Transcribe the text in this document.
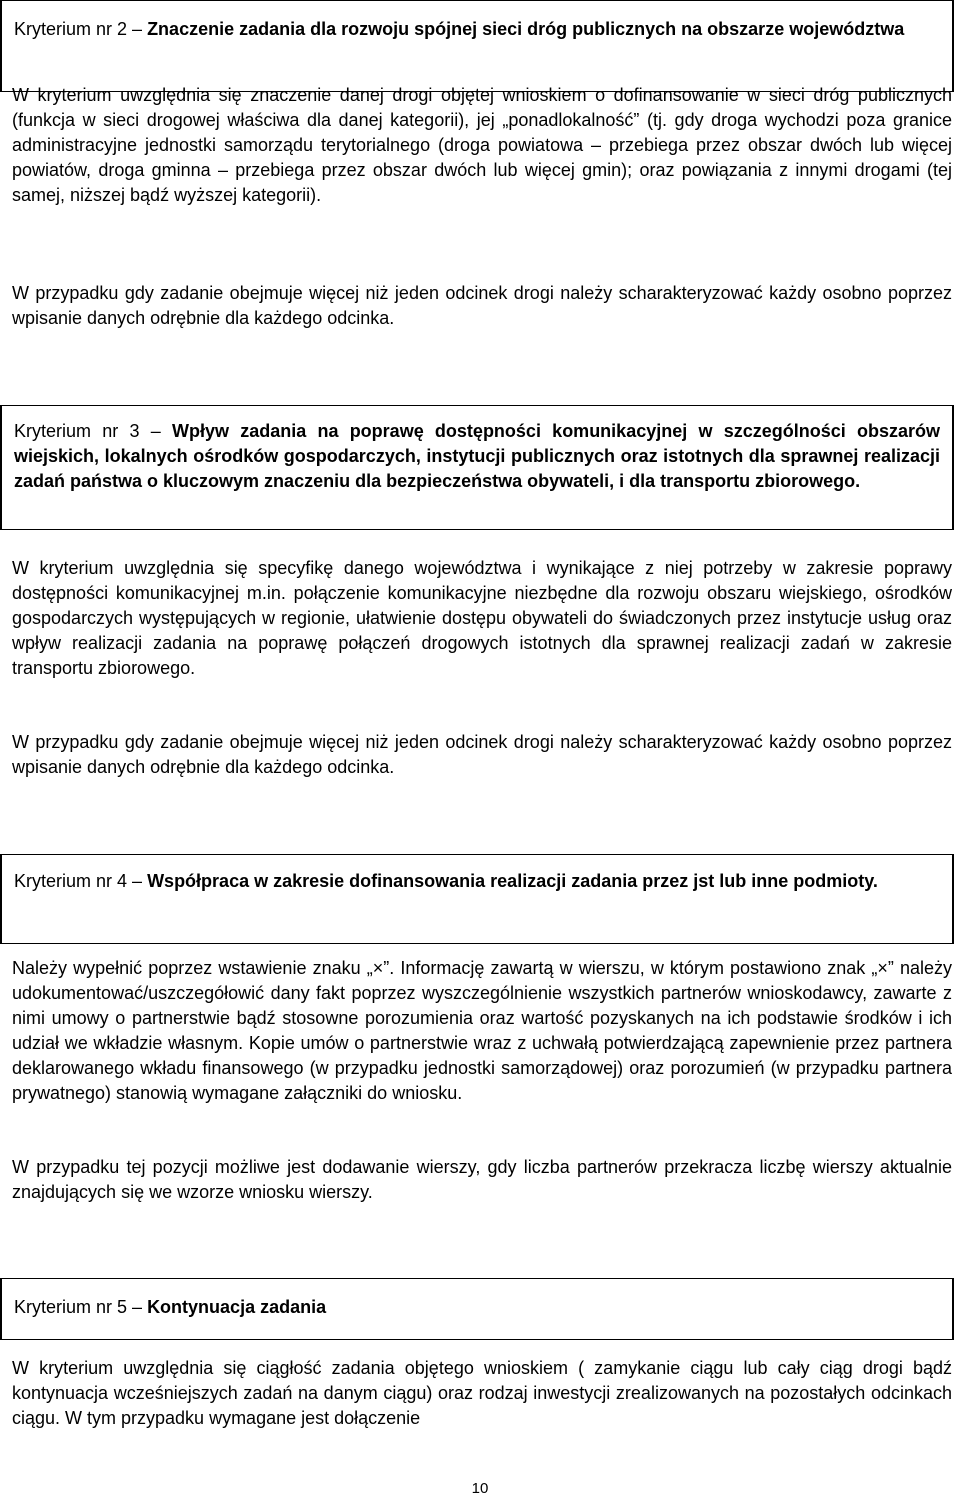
Kryterium nr 2 – Znaczenie zadania dla rozwoju spójnej sieci dróg publicznych na obszarze województwa

W kryterium uwzględnia się znaczenie danej drogi objętej wnioskiem o dofinansowanie w sieci dróg publicznych (funkcja w sieci drogowej właściwa dla danej kategorii), jej „ponadlokalność” (tj. gdy droga wychodzi poza granice administracyjne jednostki samorządu terytorialnego (droga powiatowa – przebiega przez obszar dwóch lub więcej powiatów, droga gminna – przebiega przez obszar dwóch lub więcej gmin); oraz powiązania z innymi drogami (tej samej, niższej bądź wyższej kategorii).

W przypadku gdy zadanie obejmuje więcej niż jeden odcinek drogi należy scharakteryzować każdy osobno poprzez wpisanie danych odrębnie dla każdego odcinka.

Kryterium nr 3 – Wpływ zadania na poprawę dostępności komunikacyjnej w szczególności obszarów wiejskich, lokalnych ośrodków gospodarczych, instytucji publicznych oraz istotnych dla sprawnej realizacji zadań państwa o kluczowym znaczeniu dla bezpieczeństwa obywateli, i dla transportu zbiorowego.

W kryterium uwzględnia się specyfikę danego województwa i wynikające z niej potrzeby w zakresie poprawy dostępności komunikacyjnej m.in. połączenie komunikacyjne niezbędne dla rozwoju obszaru wiejskiego, ośrodków gospodarczych występujących w regionie, ułatwienie dostępu obywateli do świadczonych przez instytucje usług oraz wpływ realizacji zadania na poprawę połączeń drogowych istotnych dla sprawnej realizacji zadań w zakresie transportu zbiorowego.

W przypadku gdy zadanie obejmuje więcej niż jeden odcinek drogi należy scharakteryzować każdy osobno poprzez wpisanie danych odrębnie dla każdego odcinka.

Kryterium nr 4 – Współpraca w zakresie dofinansowania realizacji zadania przez jst lub inne podmioty.

Należy wypełnić poprzez wstawienie znaku „×”. Informację zawartą w wierszu, w którym postawiono znak „×” należy udokumentować/uszczegółowić dany fakt poprzez wyszczególnienie wszystkich partnerów wnioskodawcy, zawarte z nimi umowy o partnerstwie bądź stosowne porozumienia oraz wartość pozyskanych na ich podstawie środków i ich udział we wkładzie własnym. Kopie umów o partnerstwie wraz z uchwałą potwierdzającą zapewnienie przez partnera deklarowanego wkładu finansowego (w przypadku jednostki samorządowej) oraz porozumień (w przypadku partnera prywatnego) stanowią wymagane załączniki do wniosku.

W przypadku tej pozycji możliwe jest dodawanie wierszy, gdy liczba partnerów przekracza liczbę wierszy aktualnie znajdujących się we wzorze wniosku wierszy.

Kryterium nr 5 – Kontynuacja zadania

W kryterium uwzględnia się ciągłość zadania objętego wnioskiem ( zamykanie ciągu lub cały ciąg drogi bądź kontynuacja wcześniejszych zadań na danym ciągu) oraz rodzaj inwestycji zrealizowanych na pozostałych odcinkach ciągu. W tym przypadku wymagane jest dołączenie

10
